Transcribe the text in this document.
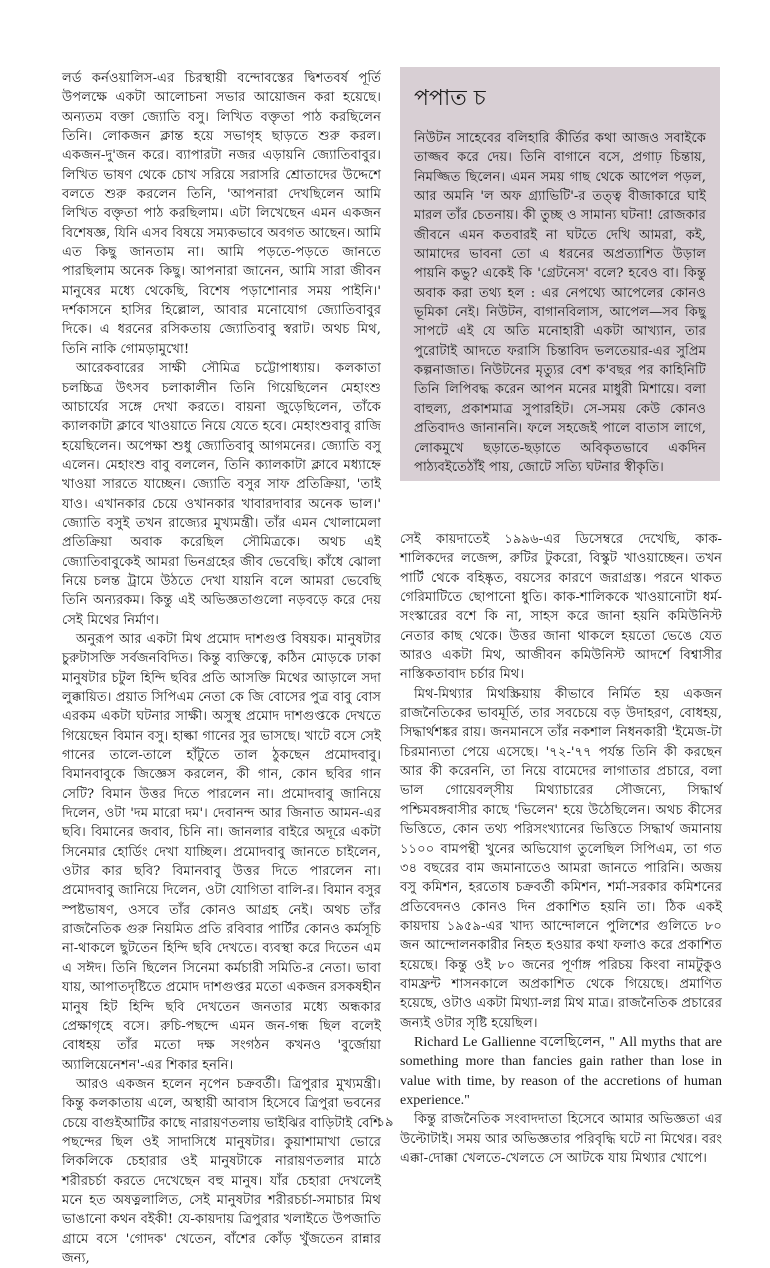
লর্ড কর্নওয়ালিস-এর চিরস্থায়ী বন্দোবস্তের দ্বিশতবর্ষ পূর্তি উপলক্ষে একটা আলোচনা সভার আয়োজন করা হয়েছে। অন্যতম বক্তা জ্যোতি বসু। লিখিত বক্তৃতা পাঠ করছিলেন তিনি। লোকজন ক্লান্ত হয়ে সভাগৃহ ছাড়তে শুরু করল। একজন-দু'জন করে। ব্যাপারটা নজর এড়ায়নি জ্যোতিবাবুর। লিখিত ভাষণ থেকে চোখ সরিয়ে সরাসরি শ্রোতাদের উদ্দেশে বলতে শুরু করলেন তিনি, 'আপনারা দেখছিলেন আমি লিখিত বক্তৃতা পাঠ করছিলাম। এটা লিখেছেন এমন একজন বিশেষজ্ঞ, যিনি এসব বিষয়ে সম্যকভাবে অবগত আছেন। আমি এত কিছু জানতাম না। আমি পড়তে-পড়তে জানতে পারছিলাম অনেক কিছু। আপনারা জানেন, আমি সারা জীবন মানুষের মধ্যে থেকেছি, বিশেষ পড়াশোনার সময় পাইনি।' দর্শকাসনে হাসির হিল্লোল, আবার মনোযোগ জ্যোতিবাবুর দিকে। এ ধরনের রসিকতায় জ্যোতিবাবু স্বরাট। অথচ মিথ, তিনি নাকি গোমড়ামুখো!

আরেকবারের সাক্ষী সৌমিত্র চট্টোপাধ্যায়। কলকাতা চলচ্চিত্র উৎসব চলাকালীন তিনি গিয়েছিলেন মেহাংশু আচার্যের সঙ্গে দেখা করতে। বায়না জুড়েছিলেন, তাঁকে ক্যালকাটা ক্লাবে খাওয়াতে নিয়ে যেতে হবে। মেহাংশুবাবু রাজি হয়েছিলেন। অপেক্ষা শুধু জ্যোতিবাবু আগমনের। জ্যোতি বসু এলেন। মেহাংশু বাবু বললেন, তিনি ক্যালকাটা ক্লাবে মধ্যাহ্নে খাওয়া সারতে যাচ্ছেন। জ্যোতি বসুর সাফ প্রতিক্রিয়া, 'তাই যাও। এখানকার চেয়ে ওখানকার খাবারদাবার অনেক ভাল।' জ্যোতি বসুই তখন রাজ্যের মুখ্যমন্ত্রী। তাঁর এমন খোলামেলা প্রতিক্রিয়া অবাক করেছিল সৌমিত্রকে। অথচ এই জ্যোতিবাবুকেই আমরা ভিনগ্রহের জীব ভেবেছি। কাঁধে ঝোলা নিয়ে চলন্ত ট্রামে উঠতে দেখা যায়নি বলে আমরা ভেবেছি তিনি অন্যরকম। কিন্তু এই অভিজ্ঞতাগুলো নড়বড়ে করে দেয় সেই মিথের নির্মাণ।

অনুরূপ আর একটা মিথ প্রমোদ দাশগুপ্ত বিষয়ক। মানুষটার চুরুটাসক্তি সর্বজনবিদিত। কিন্তু ব্যক্তিত্বে, কঠিন মোড়কে ঢাকা মানুষটার চটুল হিন্দি ছবির প্রতি আসক্তি মিথের আড়ালে সদা লুক্কায়িত। প্রয়াত সিপিএম নেতা কে জি বোসের পুত্র বাবু বোস এরকম একটা ঘটনার সাক্ষী। অসুস্থ প্রমোদ দাশগুপ্তকে দেখতে গিয়েছেন বিমান বসু। হাল্কা গানের সুর ভাসছে। খাটে বসে সেই গানের তালে-তালে হাঁটুতে তাল ঠুকছেন প্রমোদবাবু। বিমানবাবুকে জিজ্ঞেস করলেন, কী গান, কোন ছবির গান সেটি? বিমান উত্তর দিতে পারলেন না। প্রমোদবাবু জানিয়ে দিলেন, ওটা 'দম মারো দম'। দেবানন্দ আর জিনাত আমন-এর ছবি। বিমানের জবাব, চিনি না। জানলার বাইরে অদূরে একটা সিনেমার হোর্ডিং দেখা যাচ্ছিল। প্রমোদবাবু জানতে চাইলেন, ওটার কার ছবি? বিমানবাবু উত্তর দিতে পারলেন না। প্রমোদবাবু জানিয়ে দিলেন, ওটা যোগিতা বালি-র। বিমান বসুর স্পষ্টভাষণ, ওসবে তাঁর কোনও আগ্রহ নেই। অথচ তাঁর রাজনৈতিক গুরু নিয়মিত প্রতি রবিবার পার্টির কোনও কর্মসূচি না-থাকলে ছুটতেন হিন্দি ছবি দেখতে। ব্যবস্থা করে দিতেন এম এ সঈদ। তিনি ছিলেন সিনেমা কর্মচারী সমিতি-র নেতা। ভাবা যায়, আপাতদৃষ্টিতে প্রমোদ দাশগুপ্তর মতো একজন রসকষহীন মানুষ হিট হিন্দি ছবি দেখতেন জনতার মধ্যে অন্ধকার প্রেক্ষাগৃহে বসে। রুচি-পছন্দে এমন জন-গন্ধ ছিল বলেই বোধহয় তাঁর মতো দক্ষ সংগঠন কখনও 'বুর্জোয়া অ্যালিয়েনেশন'-এর শিকার হননি।

আরও একজন হলেন নৃপেন চক্রবর্তী। ত্রিপুরার মুখ্যমন্ত্রী। কিন্তু কলকাতায় এলে, অস্থায়ী আবাস হিসেবে ত্রিপুরা ভবনের চেয়ে বাগুইআটির কাছে নারায়ণতলায় ভাইঝির বাড়িটাই বেশি পছন্দের ছিল ওই সাদাসিধে মানুষটার। কুয়াশামাখা ভোরে লিকলিকে চেহারার ওই মানুষটাকে নারায়ণতলার মাঠে শরীরচর্চা করতে দেখেছেন বহু মানুষ। যাঁর চেহারা দেখলেই মনে হত অষত্নলালিত, সেই মানুষটার শরীরচর্চা-সমাচার মিথ ভাঙানো কথন বইকী! যে-কায়দায় ত্রিপুরার খলাইতে উপজাতি গ্রামে বসে 'গোদক' খেতেন, বাঁশের কোঁড় খুঁজতেন রান্নার জন্য,

পপাত চ

নিউটন সাহেবের বলিহারি কীর্তির কথা আজও সবাইকে তাজ্জব করে দেয়। তিনি বাগানে বসে, প্রগাঢ় চিন্তায়, নিমজ্জিত ছিলেন। এমন সময় গাছ থেকে আপেল পড়ল, আর অমনি 'ল অফ গ্র্যাভিটি'-র তত্ত্ব বীজাকারে ঘাই মারল তাঁর চেতনায়। কী তুচ্ছ ও সামান্য ঘটনা! রোজকার জীবনে এমন কতবারই না ঘটতে দেখি আমরা, কই, আমাদের ভাবনা তো এ ধরনের অপ্রত্যাশিত উড়াল পায়নি কভু? একেই কি 'গ্রেটনেস' বলে? হবেও বা। কিন্তু অবাক করা তথ্য হল : এর নেপথ্যে আপেলের কোনও ভূমিকা নেই। নিউটন, বাগানবিলাস, আপেল—সব কিছু সাপটে এই যে অতি মনোহারী একটা আখ্যান, তার পুরোটাই আদতে ফরাসি চিন্তাবিদ ভলতেয়ার-এর সুপ্রিম কল্পনাজাত। নিউটনের মৃত্যুর বেশ ক'বছর পর কাহিনিটি তিনি লিপিবদ্ধ করেন আপন মনের মাধুরী মিশায়ে। বলা বাহুল্য, প্রকাশমাত্র সুপারহিট। সে-সময় কেউ কোনও প্রতিবাদও জানাননি। ফলে সহজেই পালে বাতাস লাগে, লোকমুখে ছড়াতে-ছড়াতে অবিকৃতভাবে একদিন পাঠ্যবইতেঠাঁই পায়, জোটে সত্যি ঘটনার স্বীকৃতি।

সেই কায়দাতেই ১৯৯৬-এর ডিসেম্বরে দেখেছি, কাক-শালিকদের লজেন্স, রুটির টুকরো, বিস্কুট খাওয়াচ্ছেন। তখন পার্টি থেকে বহিষ্কৃত, বয়সের কারণে জরাগ্রস্ত। পরনে থাকত গেরিমাটিতে ছোপানো ধুতি। কাক-শালিককে খাওয়ানোটা ধর্ম-সংস্কারের বশে কি না, সাহস করে জানা হয়নি কমিউনিস্ট নেতার কাছ থেকে। উত্তর জানা থাকলে হয়তো ভেঙে যেত আরও একটা মিথ, আজীবন কমিউনিস্ট আদর্শে বিশ্বাসীর নাস্তিকতাবাদ চর্চার মিথ।

মিথ-মিথ্যার মিথস্ক্রিয়ায় কীভাবে নির্মিত হয় একজন রাজনৈতিকের ভাবমূর্তি, তার সবচেয়ে বড় উদাহরণ, বোধহয়, সিদ্ধার্থশঙ্কর রায়। জনমানসে তাঁর নকশাল নিধনকারী 'ইমেজ-টা চিরমান্যতা পেয়ে এসেছে। '৭২-'৭৭ পর্যন্ত তিনি কী করছেন আর কী করেননি, তা নিয়ে বামেদের লাগাতার প্রচারে, বলা ভাল গোয়েবল্‌সীয় মিথ্যাচারের সৌজন্যে, সিদ্ধার্থ পশ্চিমবঙ্গবাসীর কাছে 'ভিলেন' হয়ে উঠেছিলেন। অথচ কীসের ভিত্তিতে, কোন তথ্য পরিসংখ্যানের ভিত্তিতে সিদ্ধার্থ জমানায় ১১০০ বামপন্থী খুনের অভিযোগ তুলেছিল সিপিএম, তা গত ৩৪ বছরের বাম জমানাতেও আমরা জানতে পারিনি। অজয় বসু কমিশন, হরতোষ চক্রবর্তী কমিশন, শর্মা-সরকার কমিশনের প্রতিবেদনও কোনও দিন প্রকাশিত হয়নি তা। ঠিক একই কায়দায় ১৯৫৯-এর খাদ্য আন্দোলনে পুলিশের গুলিতে ৮০ জন আন্দোলনকারীর নিহত হওয়ার কথা ফলাও করে প্রকাশিত হয়েছে। কিন্তু ওই ৮০ জনের পূর্ণাঙ্গ পরিচয় কিংবা নামটুকুও বামফ্রন্ট শাসনকালে অপ্রকাশিত থেকে গিয়েছে। প্রমাণিত হয়েছে, ওটাও একটা মিথ্যা-লগ্ন মিথ মাত্র। রাজনৈতিক প্রচারের জন্যই ওটার সৃষ্টি হয়েছিল।

Richard Le Gallienne বলেছিলেন, " All myths that are something more than fancies gain rather than lose in value with time, by reason of the accretions of human experience."

কিন্তু রাজনৈতিক সংবাদদাতা হিসেবে আমার অভিজ্ঞতা এর উল্টোটাই। সময় আর অভিজ্ঞতার পরিবৃদ্ধি ঘটে না মিথের। বরং এক্কা-দোক্কা খেলতে-খেলতে সে আটকে যায় মিথ্যার খোপে।

১৯
